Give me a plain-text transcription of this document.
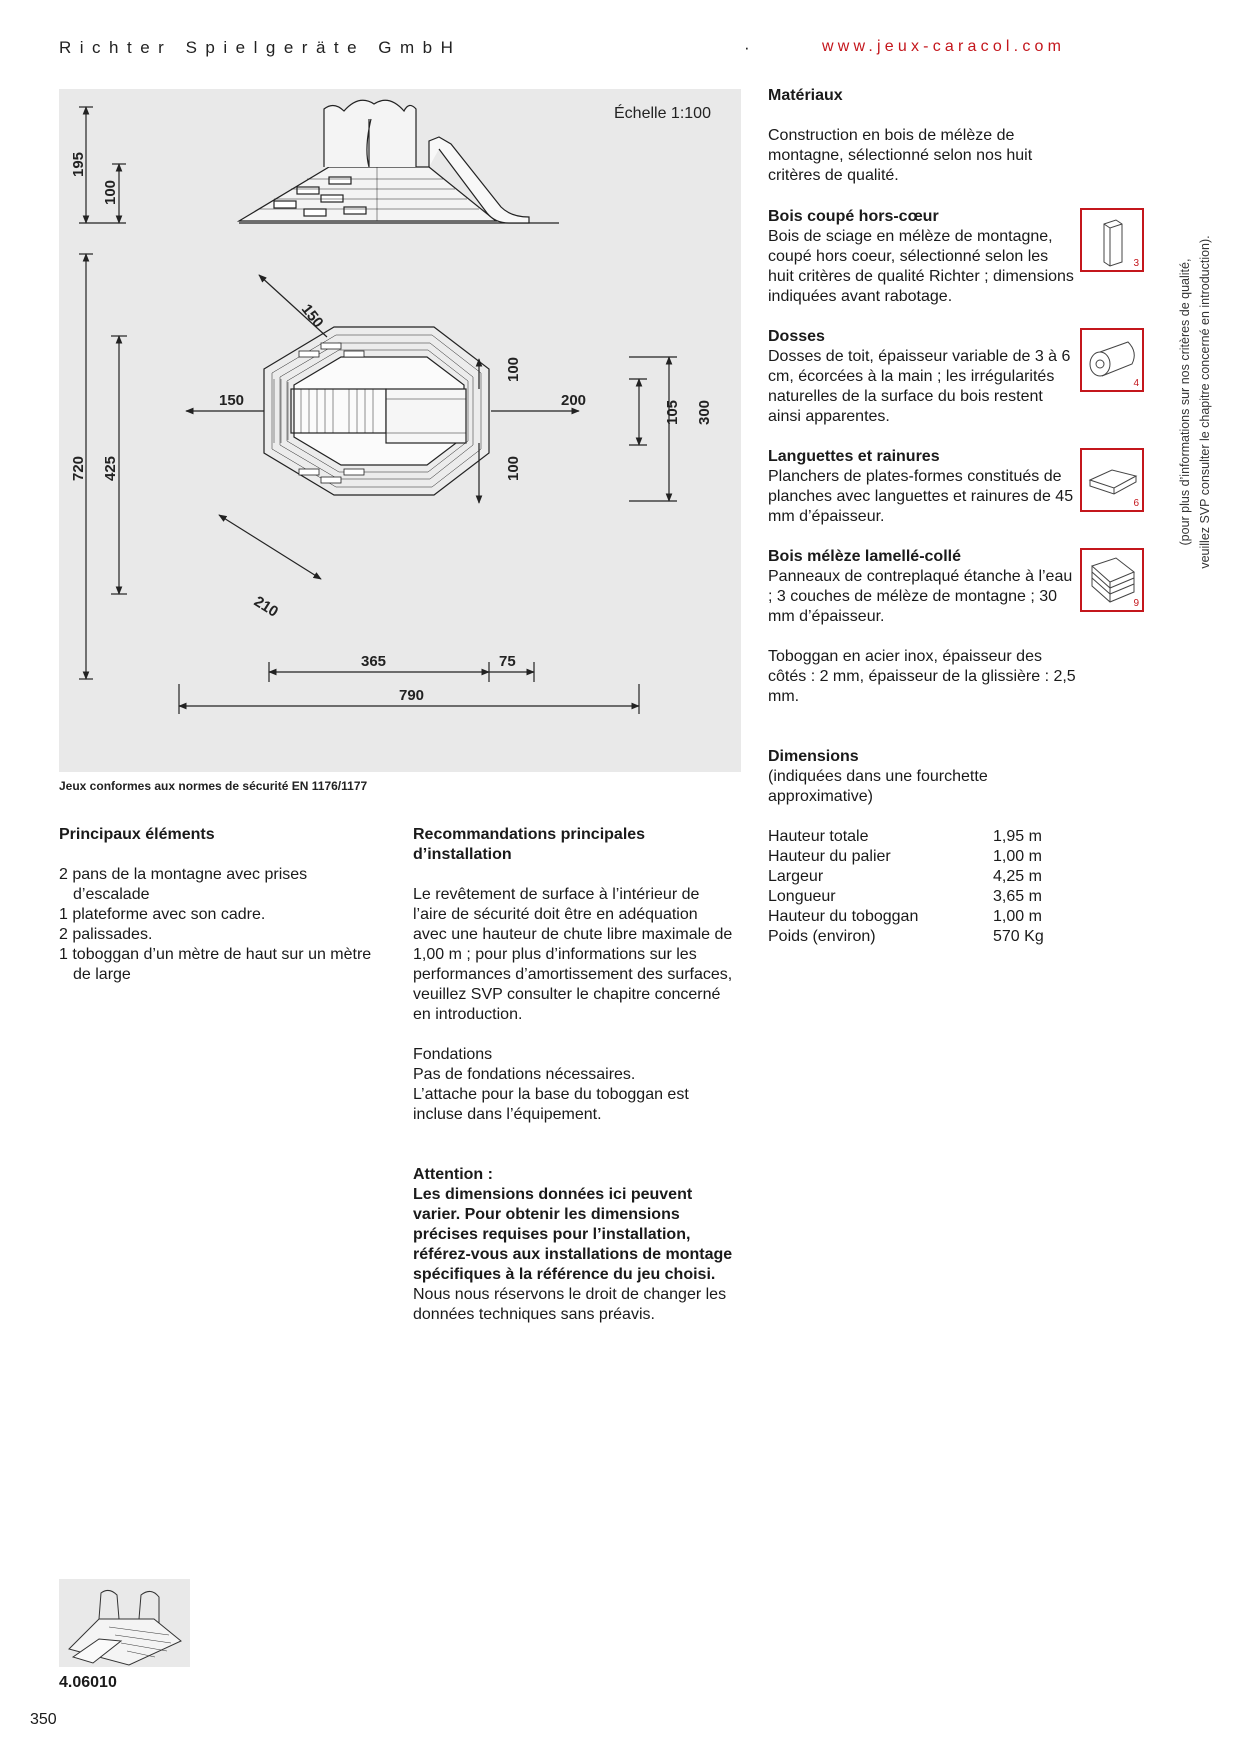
Richter Spielgeräte GmbH	·	www.jeux-caracol.com
Échelle 1:100
195
100
720 425
150
150
100
100
200	105 300
210
365	75
790
Jeux conformes aux normes de sécurité EN 1176/1177

Principaux éléments

2 pans de la montagne avec prises d’escalade
1 plateforme avec son cadre.
2 palissades.
1 toboggan d’un mètre de haut sur un mètre de large

Recommandations principales d’installation

Le revêtement de surface à l’intérieur de l’aire de sécurité doit être en adéquation avec une hauteur de chute libre maximale de 1,00 m ; pour plus d’informations sur les performances d’amortissement des surfaces, veuillez SVP consulter le chapitre concerné en introduction.

Fondations

Pas de fondations nécessaires.

L’attache pour la base du toboggan est incluse dans l’équipement.

Attention :

Les dimensions données ici peuvent varier. Pour obtenir les dimensions précises requises pour l’installation, référez-vous aux installations de montage spécifiques à la référence du jeu choisi.

Nous nous réservons le droit de changer les données techniques sans préavis.

Matériaux

Construction en bois de mélèze de montagne, sélectionné selon nos huit critères de qualité.

Bois coupé hors-cœur

Bois de sciage en mélèze de montagne, coupé hors coeur, sélectionné selon les huit critères de qualité Richter ; dimensions indiquées avant rabotage.

Dosses

Dosses de toit, épaisseur variable de 3 à 6 cm, écorcées à la main ; les irrégularités naturelles de la surface du bois restent ainsi apparentes.

Languettes et rainures

Planchers de plates-formes constitués de planches avec languettes et rainures de 45 mm d’épaisseur.

Bois mélèze lamellé-collé

Panneaux de contreplaqué étanche à l’eau ; 3 couches de mélèze de montagne ; 30 mm d’épaisseur.

Toboggan en acier inox, épaisseur des côtés : 2 mm, épaisseur de la glissière : 2,5 mm.
3
4
6
9
(pour plus d’informations sur nos critères de qualité, veuillez SVP consulter le chapitre concerné en introduction).

Dimensions

(indiquées dans une fourchette approximative)

Hauteur totale	1,95 m
Hauteur du palier	1,00 m
Largeur	4,25 m
Longueur	3,65 m
Hauteur du toboggan	1,00 m
Poids (environ)	570 Kg
4.06010
350
